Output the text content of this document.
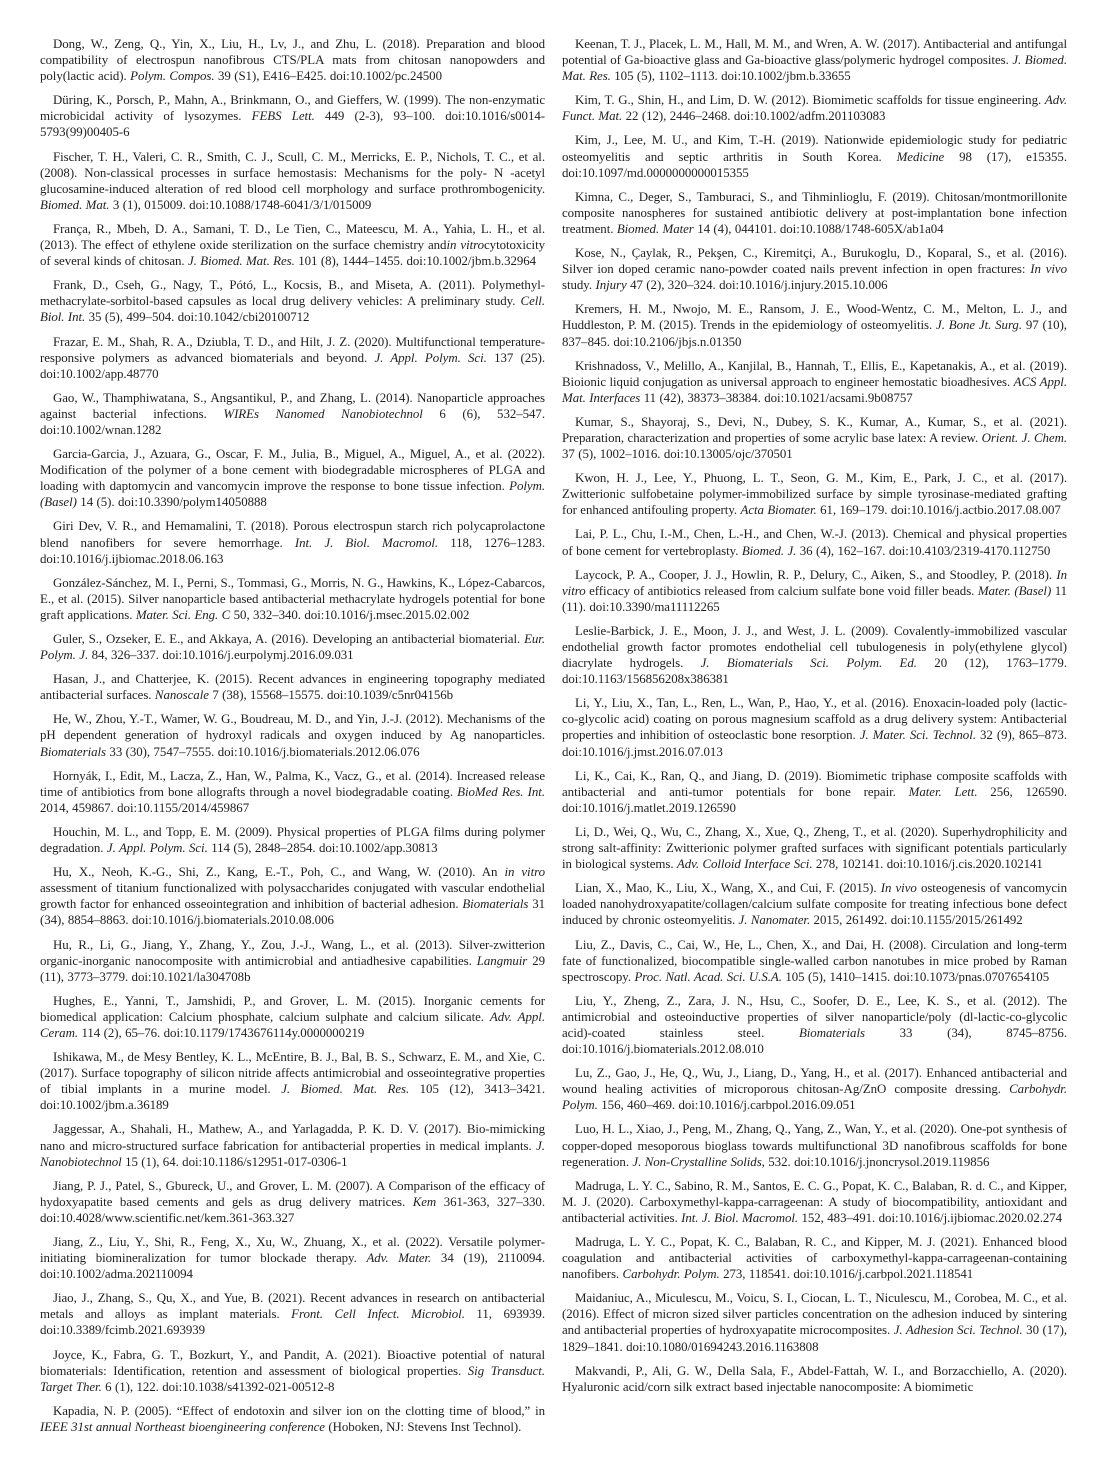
Dong, W., Zeng, Q., Yin, X., Liu, H., Lv, J., and Zhu, L. (2018). Preparation and blood compatibility of electrospun nanofibrous CTS/PLA mats from chitosan nanopowders and poly(lactic acid). Polym. Compos. 39 (S1), E416–E425. doi:10.1002/pc.24500

Düring, K., Porsch, P., Mahn, A., Brinkmann, O., and Gieffers, W. (1999). The non-enzymatic microbicidal activity of lysozymes. FEBS Lett. 449 (2-3), 93–100. doi:10.1016/s0014-5793(99)00405-6

Fischer, T. H., Valeri, C. R., Smith, C. J., Scull, C. M., Merricks, E. P., Nichols, T. C., et al. (2008). Non-classical processes in surface hemostasis: Mechanisms for the poly- N -acetyl glucosamine-induced alteration of red blood cell morphology and surface prothrombogenicity. Biomed. Mat. 3 (1), 015009. doi:10.1088/1748-6041/3/1/015009

França, R., Mbeh, D. A., Samani, T. D., Le Tien, C., Mateescu, M. A., Yahia, L. H., et al. (2013). The effect of ethylene oxide sterilization on the surface chemistry andin vitrocytotoxicity of several kinds of chitosan. J. Biomed. Mat. Res. 101 (8), 1444–1455. doi:10.1002/jbm.b.32964

Frank, D., Cseh, G., Nagy, T., Pótó, L., Kocsis, B., and Miseta, A. (2011). Polymethyl-methacrylate-sorbitol-based capsules as local drug delivery vehicles: A preliminary study. Cell. Biol. Int. 35 (5), 499–504. doi:10.1042/cbi20100712

Frazar, E. M., Shah, R. A., Dziubla, T. D., and Hilt, J. Z. (2020). Multifunctional temperature-responsive polymers as advanced biomaterials and beyond. J. Appl. Polym. Sci. 137 (25). doi:10.1002/app.48770

Gao, W., Thamphiwatana, S., Angsantikul, P., and Zhang, L. (2014). Nanoparticle approaches against bacterial infections. WIREs Nanomed Nanobiotechnol 6 (6), 532–547. doi:10.1002/wnan.1282

Garcia-Garcia, J., Azuara, G., Oscar, F. M., Julia, B., Miguel, A., Miguel, A., et al. (2022). Modification of the polymer of a bone cement with biodegradable microspheres of PLGA and loading with daptomycin and vancomycin improve the response to bone tissue infection. Polym. (Basel) 14 (5). doi:10.3390/polym14050888

Giri Dev, V. R., and Hemamalini, T. (2018). Porous electrospun starch rich polycaprolactone blend nanofibers for severe hemorrhage. Int. J. Biol. Macromol. 118, 1276–1283. doi:10.1016/j.ijbiomac.2018.06.163

González-Sánchez, M. I., Perni, S., Tommasi, G., Morris, N. G., Hawkins, K., López-Cabarcos, E., et al. (2015). Silver nanoparticle based antibacterial methacrylate hydrogels potential for bone graft applications. Mater. Sci. Eng. C 50, 332–340. doi:10.1016/j.msec.2015.02.002

Guler, S., Ozseker, E. E., and Akkaya, A. (2016). Developing an antibacterial biomaterial. Eur. Polym. J. 84, 326–337. doi:10.1016/j.eurpolymj.2016.09.031

Hasan, J., and Chatterjee, K. (2015). Recent advances in engineering topography mediated antibacterial surfaces. Nanoscale 7 (38), 15568–15575. doi:10.1039/c5nr04156b

He, W., Zhou, Y.-T., Wamer, W. G., Boudreau, M. D., and Yin, J.-J. (2012). Mechanisms of the pH dependent generation of hydroxyl radicals and oxygen induced by Ag nanoparticles. Biomaterials 33 (30), 7547–7555. doi:10.1016/j.biomaterials.2012.06.076

Hornyák, I., Edit, M., Lacza, Z., Han, W., Palma, K., Vacz, G., et al. (2014). Increased release time of antibiotics from bone allografts through a novel biodegradable coating. BioMed Res. Int. 2014, 459867. doi:10.1155/2014/459867

Houchin, M. L., and Topp, E. M. (2009). Physical properties of PLGA films during polymer degradation. J. Appl. Polym. Sci. 114 (5), 2848–2854. doi:10.1002/app.30813

Hu, X., Neoh, K.-G., Shi, Z., Kang, E.-T., Poh, C., and Wang, W. (2010). An in vitro assessment of titanium functionalized with polysaccharides conjugated with vascular endothelial growth factor for enhanced osseointegration and inhibition of bacterial adhesion. Biomaterials 31 (34), 8854–8863. doi:10.1016/j.biomaterials.2010.08.006

Hu, R., Li, G., Jiang, Y., Zhang, Y., Zou, J.-J., Wang, L., et al. (2013). Silver-zwitterion organic-inorganic nanocomposite with antimicrobial and antiadhesive capabilities. Langmuir 29 (11), 3773–3779. doi:10.1021/la304708b

Hughes, E., Yanni, T., Jamshidi, P., and Grover, L. M. (2015). Inorganic cements for biomedical application: Calcium phosphate, calcium sulphate and calcium silicate. Adv. Appl. Ceram. 114 (2), 65–76. doi:10.1179/1743676114y.0000000219

Ishikawa, M., de Mesy Bentley, K. L., McEntire, B. J., Bal, B. S., Schwarz, E. M., and Xie, C. (2017). Surface topography of silicon nitride affects antimicrobial and osseointegrative properties of tibial implants in a murine model. J. Biomed. Mat. Res. 105 (12), 3413–3421. doi:10.1002/jbm.a.36189

Jaggessar, A., Shahali, H., Mathew, A., and Yarlagadda, P. K. D. V. (2017). Bio-mimicking nano and micro-structured surface fabrication for antibacterial properties in medical implants. J. Nanobiotechnol 15 (1), 64. doi:10.1186/s12951-017-0306-1

Jiang, P. J., Patel, S., Gbureck, U., and Grover, L. M. (2007). A Comparison of the efficacy of hydoxyapatite based cements and gels as drug delivery matrices. Kem 361-363, 327–330. doi:10.4028/www.scientific.net/kem.361-363.327

Jiang, Z., Liu, Y., Shi, R., Feng, X., Xu, W., Zhuang, X., et al. (2022). Versatile polymer-initiating biomineralization for tumor blockade therapy. Adv. Mater. 34 (19), 2110094. doi:10.1002/adma.202110094

Jiao, J., Zhang, S., Qu, X., and Yue, B. (2021). Recent advances in research on antibacterial metals and alloys as implant materials. Front. Cell Infect. Microbiol. 11, 693939. doi:10.3389/fcimb.2021.693939

Joyce, K., Fabra, G. T., Bozkurt, Y., and Pandit, A. (2021). Bioactive potential of natural biomaterials: Identification, retention and assessment of biological properties. Sig Transduct. Target Ther. 6 (1), 122. doi:10.1038/s41392-021-00512-8

Kapadia, N. P. (2005). “Effect of endotoxin and silver ion on the clotting time of blood,” in IEEE 31st annual Northeast bioengineering conference (Hoboken, NJ: Stevens Inst Technol).

Keenan, T. J., Placek, L. M., Hall, M. M., and Wren, A. W. (2017). Antibacterial and antifungal potential of Ga-bioactive glass and Ga-bioactive glass/polymeric hydrogel composites. J. Biomed. Mat. Res. 105 (5), 1102–1113. doi:10.1002/jbm.b.33655

Kim, T. G., Shin, H., and Lim, D. W. (2012). Biomimetic scaffolds for tissue engineering. Adv. Funct. Mat. 22 (12), 2446–2468. doi:10.1002/adfm.201103083

Kim, J., Lee, M. U., and Kim, T.-H. (2019). Nationwide epidemiologic study for pediatric osteomyelitis and septic arthritis in South Korea. Medicine 98 (17), e15355. doi:10.1097/md.0000000000015355

Kimna, C., Deger, S., Tamburaci, S., and Tihminlioglu, F. (2019). Chitosan/montmorillonite composite nanospheres for sustained antibiotic delivery at post-implantation bone infection treatment. Biomed. Mater 14 (4), 044101. doi:10.1088/1748-605X/ab1a04

Kose, N., Çaylak, R., Pekşen, C., Kiremitçi, A., Burukoglu, D., Koparal, S., et al. (2016). Silver ion doped ceramic nano-powder coated nails prevent infection in open fractures: In vivo study. Injury 47 (2), 320–324. doi:10.1016/j.injury.2015.10.006

Kremers, H. M., Nwojo, M. E., Ransom, J. E., Wood-Wentz, C. M., Melton, L. J., and Huddleston, P. M. (2015). Trends in the epidemiology of osteomyelitis. J. Bone Jt. Surg. 97 (10), 837–845. doi:10.2106/jbjs.n.01350

Krishnadoss, V., Melillo, A., Kanjilal, B., Hannah, T., Ellis, E., Kapetanakis, A., et al. (2019). Bioionic liquid conjugation as universal approach to engineer hemostatic bioadhesives. ACS Appl. Mat. Interfaces 11 (42), 38373–38384. doi:10.1021/acsami.9b08757

Kumar, S., Shayoraj, S., Devi, N., Dubey, S. K., Kumar, A., Kumar, S., et al. (2021). Preparation, characterization and properties of some acrylic base latex: A review. Orient. J. Chem. 37 (5), 1002–1016. doi:10.13005/ojc/370501

Kwon, H. J., Lee, Y., Phuong, L. T., Seon, G. M., Kim, E., Park, J. C., et al. (2017). Zwitterionic sulfobetaine polymer-immobilized surface by simple tyrosinase-mediated grafting for enhanced antifouling property. Acta Biomater. 61, 169–179. doi:10.1016/j.actbio.2017.08.007

Lai, P. L., Chu, I.-M., Chen, L.-H., and Chen, W.-J. (2013). Chemical and physical properties of bone cement for vertebroplasty. Biomed. J. 36 (4), 162–167. doi:10.4103/2319-4170.112750

Laycock, P. A., Cooper, J. J., Howlin, R. P., Delury, C., Aiken, S., and Stoodley, P. (2018). In vitro efficacy of antibiotics released from calcium sulfate bone void filler beads. Mater. (Basel) 11 (11). doi:10.3390/ma11112265

Leslie-Barbick, J. E., Moon, J. J., and West, J. L. (2009). Covalently-immobilized vascular endothelial growth factor promotes endothelial cell tubulogenesis in poly(ethylene glycol) diacrylate hydrogels. J. Biomaterials Sci. Polym. Ed. 20 (12), 1763–1779. doi:10.1163/156856208x386381

Li, Y., Liu, X., Tan, L., Ren, L., Wan, P., Hao, Y., et al. (2016). Enoxacin-loaded poly (lactic-co-glycolic acid) coating on porous magnesium scaffold as a drug delivery system: Antibacterial properties and inhibition of osteoclastic bone resorption. J. Mater. Sci. Technol. 32 (9), 865–873. doi:10.1016/j.jmst.2016.07.013

Li, K., Cai, K., Ran, Q., and Jiang, D. (2019). Biomimetic triphase composite scaffolds with antibacterial and anti-tumor potentials for bone repair. Mater. Lett. 256, 126590. doi:10.1016/j.matlet.2019.126590

Li, D., Wei, Q., Wu, C., Zhang, X., Xue, Q., Zheng, T., et al. (2020). Superhydrophilicity and strong salt-affinity: Zwitterionic polymer grafted surfaces with significant potentials particularly in biological systems. Adv. Colloid Interface Sci. 278, 102141. doi:10.1016/j.cis.2020.102141

Lian, X., Mao, K., Liu, X., Wang, X., and Cui, F. (2015). In vivo osteogenesis of vancomycin loaded nanohydroxyapatite/collagen/calcium sulfate composite for treating infectious bone defect induced by chronic osteomyelitis. J. Nanomater. 2015, 261492. doi:10.1155/2015/261492

Liu, Z., Davis, C., Cai, W., He, L., Chen, X., and Dai, H. (2008). Circulation and long-term fate of functionalized, biocompatible single-walled carbon nanotubes in mice probed by Raman spectroscopy. Proc. Natl. Acad. Sci. U.S.A. 105 (5), 1410–1415. doi:10.1073/pnas.0707654105

Liu, Y., Zheng, Z., Zara, J. N., Hsu, C., Soofer, D. E., Lee, K. S., et al. (2012). The antimicrobial and osteoinductive properties of silver nanoparticle/poly (dl-lactic-co-glycolic acid)-coated stainless steel. Biomaterials 33 (34), 8745–8756. doi:10.1016/j.biomaterials.2012.08.010

Lu, Z., Gao, J., He, Q., Wu, J., Liang, D., Yang, H., et al. (2017). Enhanced antibacterial and wound healing activities of microporous chitosan-Ag/ZnO composite dressing. Carbohydr. Polym. 156, 460–469. doi:10.1016/j.carbpol.2016.09.051

Luo, H. L., Xiao, J., Peng, M., Zhang, Q., Yang, Z., Wan, Y., et al. (2020). One-pot synthesis of copper-doped mesoporous bioglass towards multifunctional 3D nanofibrous scaffolds for bone regeneration. J. Non-Crystalline Solids, 532. doi:10.1016/j.jnoncrysol.2019.119856

Madruga, L. Y. C., Sabino, R. M., Santos, E. C. G., Popat, K. C., Balaban, R. d. C., and Kipper, M. J. (2020). Carboxymethyl-kappa-carrageenan: A study of biocompatibility, antioxidant and antibacterial activities. Int. J. Biol. Macromol. 152, 483–491. doi:10.1016/j.ijbiomac.2020.02.274

Madruga, L. Y. C., Popat, K. C., Balaban, R. C., and Kipper, M. J. (2021). Enhanced blood coagulation and antibacterial activities of carboxymethyl-kappa-carrageenan-containing nanofibers. Carbohydr. Polym. 273, 118541. doi:10.1016/j.carbpol.2021.118541

Maidaniuc, A., Miculescu, M., Voicu, S. I., Ciocan, L. T., Niculescu, M., Corobea, M. C., et al. (2016). Effect of micron sized silver particles concentration on the adhesion induced by sintering and antibacterial properties of hydroxyapatite microcomposites. J. Adhesion Sci. Technol. 30 (17), 1829–1841. doi:10.1080/01694243.2016.1163808

Makvandi, P., Ali, G. W., Della Sala, F., Abdel-Fattah, W. I., and Borzacchiello, A. (2020). Hyaluronic acid/corn silk extract based injectable nanocomposite: A biomimetic
